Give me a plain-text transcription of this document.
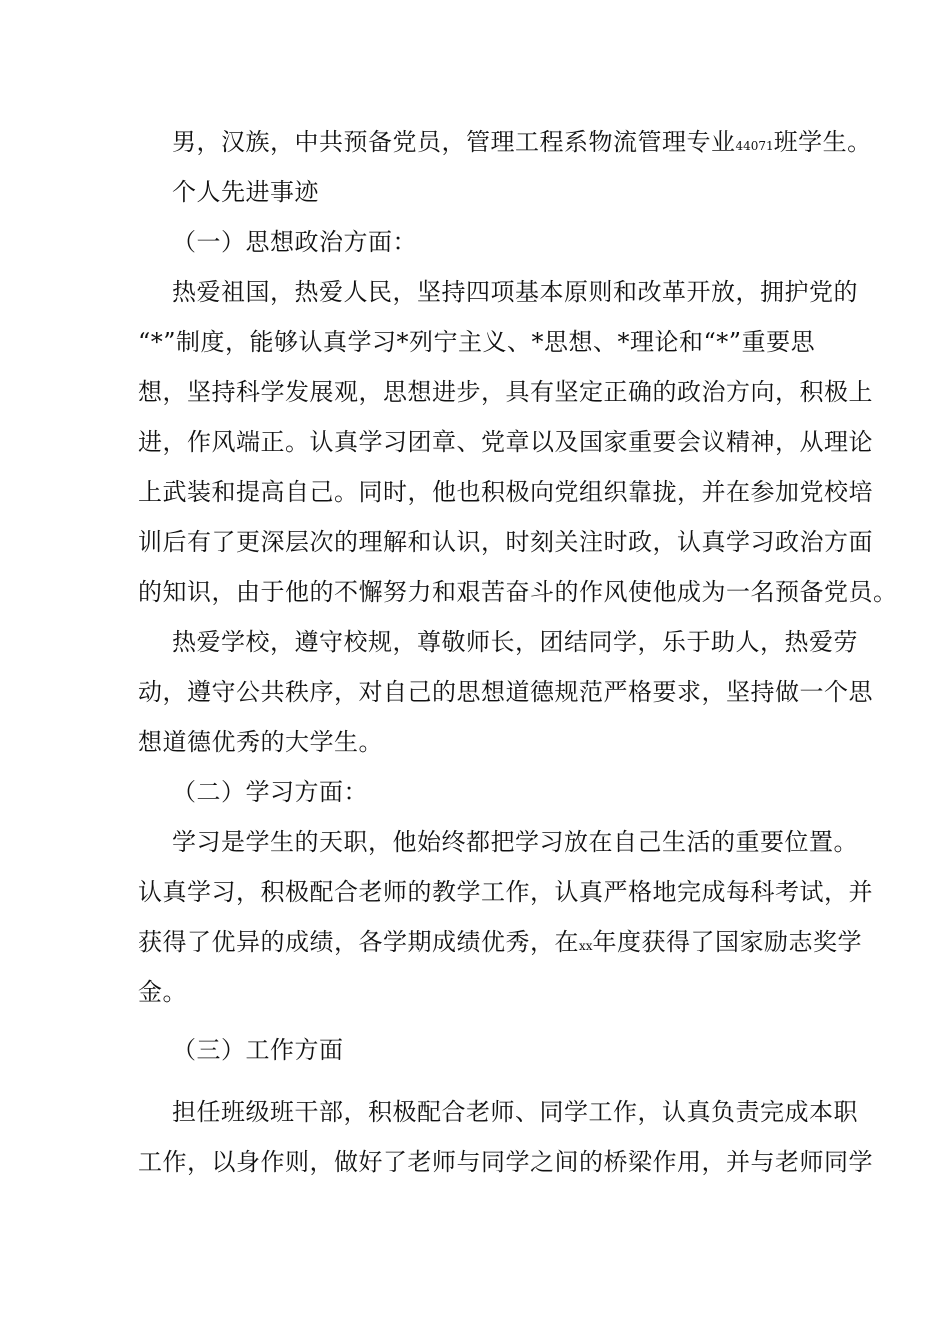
男，汉族，中共预备党员，管理工程系物流管理专业44071班学生。
个人先进事迹
（一）思想政治方面：
热爱祖国，热爱人民，坚持四项基本原则和改革开放，拥护党的
“*”制度，能够认真学习*列宁主义、*思想、*理论和“*”重要思
想，坚持科学发展观，思想进步，具有坚定正确的政治方向，积极上
进，作风端正。认真学习团章、党章以及国家重要会议精神，从理论
上武装和提高自己。同时，他也积极向党组织靠拢，并在参加党校培
训后有了更深层次的理解和认识，时刻关注时政，认真学习政治方面
的知识，由于他的不懈努力和艰苦奋斗的作风使他成为一名预备党员。
热爱学校，遵守校规，尊敬师长，团结同学，乐于助人，热爱劳
动，遵守公共秩序，对自己的思想道德规范严格要求，坚持做一个思
想道德优秀的大学生。
（二）学习方面：
学习是学生的天职，他始终都把学习放在自己生活的重要位置。
认真学习，积极配合老师的教学工作，认真严格地完成每科考试，并
获得了优异的成绩，各学期成绩优秀，在xx年度获得了国家励志奖学
金。
（三）工作方面
担任班级班干部，积极配合老师、同学工作，认真负责完成本职
工作，以身作则，做好了老师与同学之间的桥梁作用，并与老师同学
